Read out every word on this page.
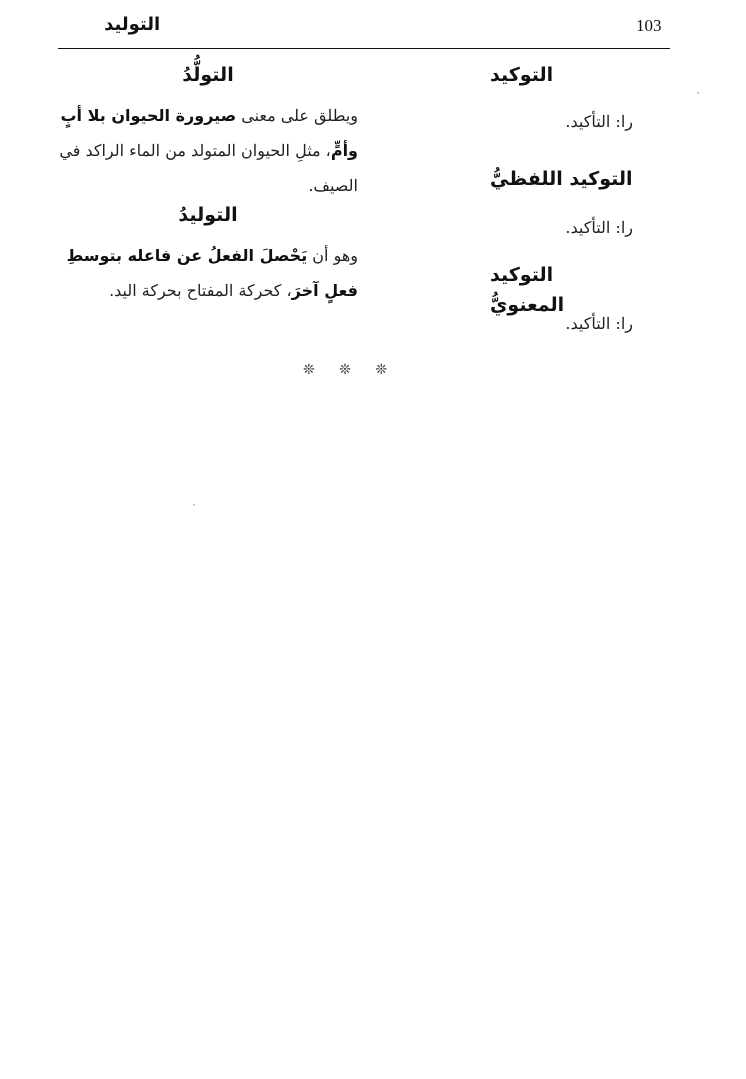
103
التوليد

التوكيد

را: التأكيد.

التوكيد اللفظيُّ

را: التأكيد.

التوكيد المعنويُّ

را: التأكيد.

التولُّدُ

ويطلق على معنى صيرورة الحيوان بلا أبٍ وأمٍّ، مثلِ الحيوان المتولد من الماء الراكد في الصيف.

التوليدُ

وهو أن يَحْصلَ الفعلُ عن فاعله بتوسطِ فعلٍ آخرَ، كحركة المفتاح بحركة اليد.

❊ ❊ ❊
